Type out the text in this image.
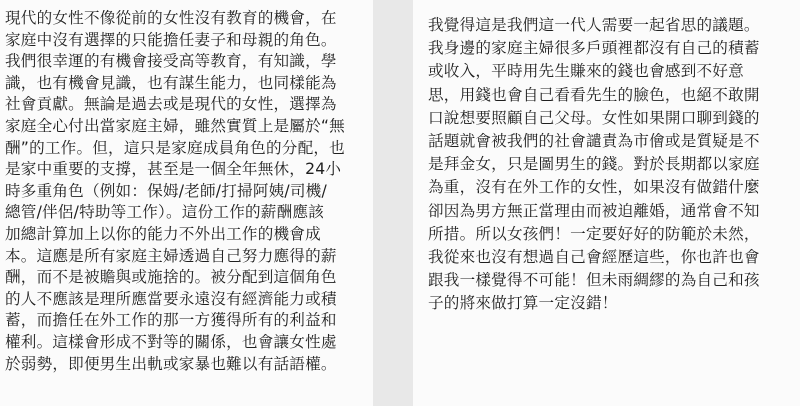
現代的女性不像從前的女性沒有教育的機會，在
家庭中沒有選擇的只能擔任妻子和母親的角色。
我們很幸運的有機會接受高等教育，有知識，學
識，也有機會見識，也有謀生能力，也同樣能為
社會貢獻。無論是過去或是現代的女性，選擇為
家庭全心付出當家庭主婦，雖然實質上是屬於“無
酬”的工作。但，這只是家庭成員角色的分配，也
是家中重要的支撐，甚至是一個全年無休，24小
時多重角色（例如：保姆/老師/打掃阿姨/司機/
總管/伴侶/特助等工作）。這份工作的薪酬應該
加總計算加上以你的能力不外出工作的機會成
本。這應是所有家庭主婦透過自己努力應得的薪
酬，而不是被贍與或施捨的。被分配到這個角色
的人不應該是理所應當要永遠沒有經濟能力或積
蓄，而擔任在外工作的那一方獲得所有的利益和
權利。這樣會形成不對等的關係，也會讓女性處
於弱勢，即便男生出軌或家暴也難以有話語權。
我覺得這是我們這一代人需要一起省思的議題。
我身邊的家庭主婦很多戶頭裡都沒有自己的積蓄
或收入，平時用先生賺來的錢也會感到不好意
思，用錢也會自己看看先生的臉色，也絕不敢開
口說想要照顧自己父母。女性如果開口聊到錢的
話題就會被我們的社會譴責為市儈或是質疑是不
是拜金女，只是圖男生的錢。對於長期都以家庭
為重，沒有在外工作的女性，如果沒有做錯什麼
卻因為男方無正當理由而被迫離婚，通常會不知
所措。所以女孩們！一定要好好的防範於未然，
我從來也沒有想過自己會經歷這些，你也許也會
跟我一樣覺得不可能！但未雨綢繆的為自己和孩
子的將來做打算一定沒錯！
